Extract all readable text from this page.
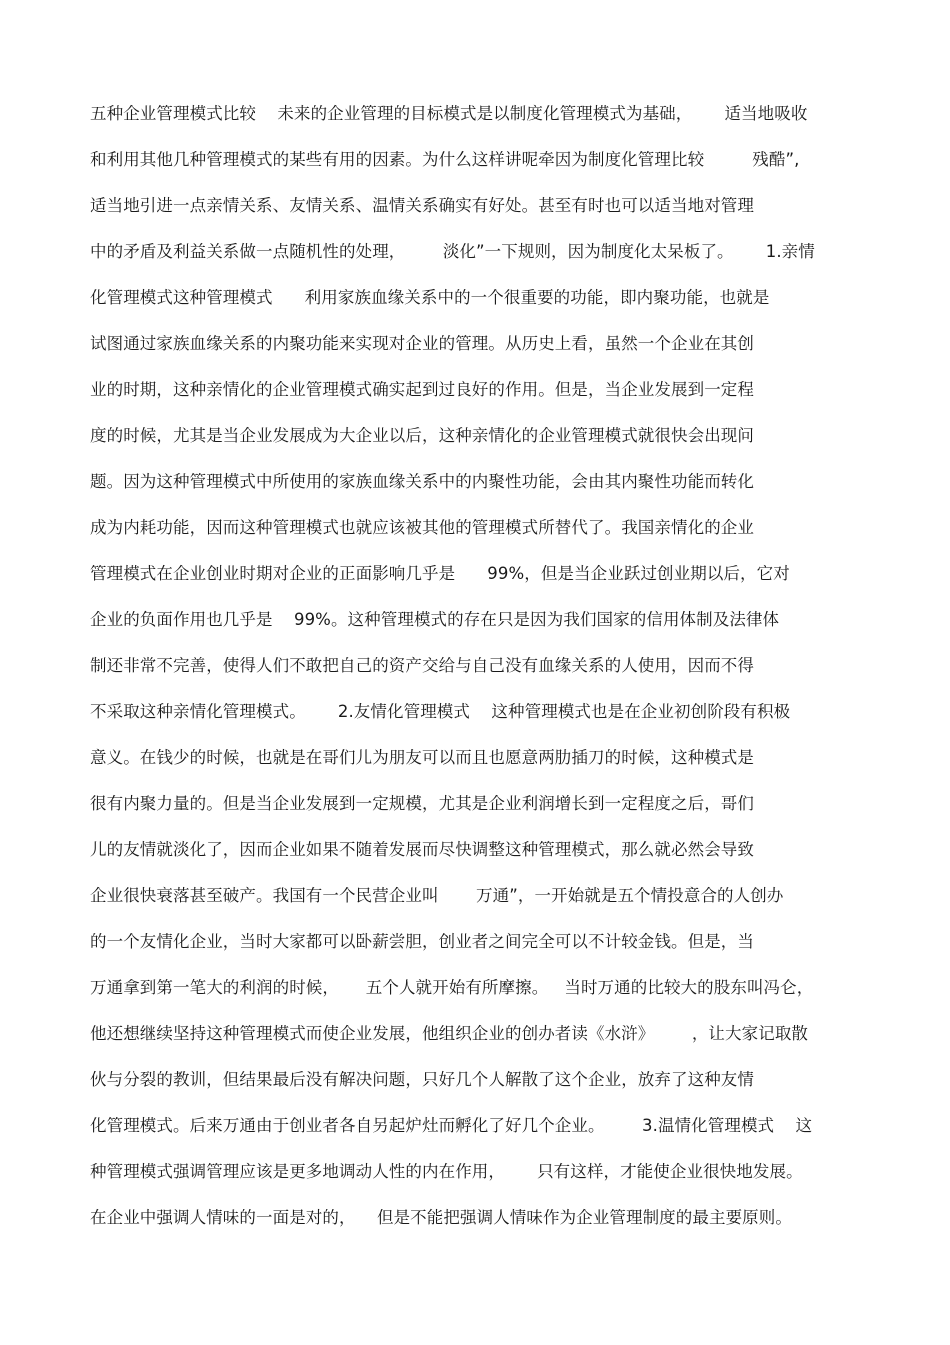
五种企业管理模式比较    未来的企业管理的目标模式是以制度化管理模式为基础，      适当地吸收
和利用其他几种管理模式的某些有用的因素。为什么这样讲呢牵因为制度化管理比较         残酷”,
适当地引进一点亲情关系、友情关系、温情关系确实有好处。甚至有时也可以适当地对管理
中的矛盾及利益关系做一点随机性的处理，       淡化”一下规则，因为制度化太呆板了。      1.亲情
化管理模式这种管理模式      利用家族血缘关系中的一个很重要的功能，即内聚功能，也就是
试图通过家族血缘关系的内聚功能来实现对企业的管理。从历史上看，虽然一个企业在其创
业的时期，这种亲情化的企业管理模式确实起到过良好的作用。但是，当企业发展到一定程
度的时候，尤其是当企业发展成为大企业以后，这种亲情化的企业管理模式就很快会出现问
题。因为这种管理模式中所使用的家族血缘关系中的内聚性功能，会由其内聚性功能而转化
成为内耗功能，因而这种管理模式也就应该被其他的管理模式所替代了。我国亲情化的企业
管理模式在企业创业时期对企业的正面影响几乎是      99%，但是当企业跃过创业期以后，它对
企业的负面作用也几乎是    99%。这种管理模式的存在只是因为我们国家的信用体制及法律体
制还非常不完善，使得人们不敢把自己的资产交给与自己没有血缘关系的人使用，因而不得
不采取这种亲情化管理模式。      2.友情化管理模式    这种管理模式也是在企业初创阶段有积极
意义。在钱少的时候，也就是在哥们儿为朋友可以而且也愿意两肋插刀的时候，这种模式是
很有内聚力量的。但是当企业发展到一定规模，尤其是企业利润增长到一定程度之后，哥们
儿的友情就淡化了，因而企业如果不随着发展而尽快调整这种管理模式，那么就必然会导致
企业很快衰落甚至破产。我国有一个民营企业叫       万通”，一开始就是五个情投意合的人创办
的一个友情化企业，当时大家都可以卧薪尝胆，创业者之间完全可以不计较金钱。但是，当
万通拿到第一笔大的利润的时候，     五个人就开始有所摩擦。   当时万通的比较大的股东叫冯仑，
他还想继续坚持这种管理模式而使企业发展，他组织企业的创办者读《水浒》       ，让大家记取散
伙与分裂的教训，但结果最后没有解决问题，只好几个人解散了这个企业，放弃了这种友情
化管理模式。后来万通由于创业者各自另起炉灶而孵化了好几个企业。       3.温情化管理模式    这
种管理模式强调管理应该是更多地调动人性的内在作用，      只有这样，才能使企业很快地发展。
在企业中强调人情味的一面是对的，    但是不能把强调人情味作为企业管理制度的最主要原则。
